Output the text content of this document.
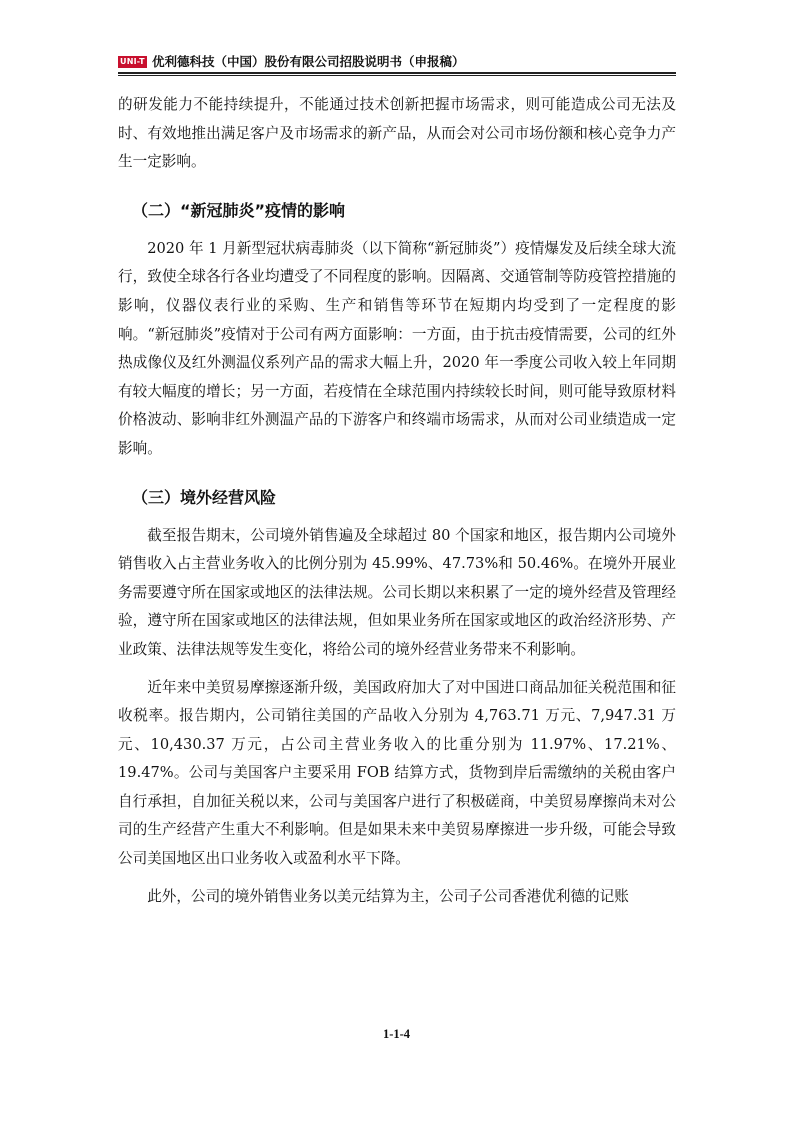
UNI-T 优利德科技（中国）股份有限公司招股说明书（申报稿）

的研发能力不能持续提升，不能通过技术创新把握市场需求，则可能造成公司无法及时、有效地推出满足客户及市场需求的新产品，从而会对公司市场份额和核心竞争力产生一定影响。

（二）“新冠肺炎”疫情的影响

2020 年 1 月新型冠状病毒肺炎（以下简称“新冠肺炎”）疫情爆发及后续全球大流行，致使全球各行各业均遭受了不同程度的影响。因隔离、交通管制等防疫管控措施的影响，仪器仪表行业的采购、生产和销售等环节在短期内均受到了一定程度的影响。“新冠肺炎”疫情对于公司有两方面影响：一方面，由于抗击疫情需要，公司的红外热成像仪及红外测温仪系列产品的需求大幅上升，2020 年一季度公司收入较上年同期有较大幅度的增长；另一方面，若疫情在全球范围内持续较长时间，则可能导致原材料价格波动、影响非红外测温产品的下游客户和终端市场需求，从而对公司业绩造成一定影响。

（三）境外经营风险

截至报告期末，公司境外销售遍及全球超过 80 个国家和地区，报告期内公司境外销售收入占主营业务收入的比例分别为 45.99%、47.73%和 50.46%。在境外开展业务需要遵守所在国家或地区的法律法规。公司长期以来积累了一定的境外经营及管理经验，遵守所在国家或地区的法律法规，但如果业务所在国家或地区的政治经济形势、产业政策、法律法规等发生变化，将给公司的境外经营业务带来不利影响。

近年来中美贸易摩擦逐渐升级，美国政府加大了对中国进口商品加征关税范围和征收税率。报告期内，公司销往美国的产品收入分别为 4,763.71 万元、7,947.31 万元、10,430.37 万元，占公司主营业务收入的比重分别为 11.97%、17.21%、19.47%。公司与美国客户主要采用 FOB 结算方式，货物到岸后需缴纳的关税由客户自行承担，自加征关税以来，公司与美国客户进行了积极磋商，中美贸易摩擦尚未对公司的生产经营产生重大不利影响。但是如果未来中美贸易摩擦进一步升级，可能会导致公司美国地区出口业务收入或盈利水平下降。

此外，公司的境外销售业务以美元结算为主，公司子公司香港优利德的记账

1-1-4
